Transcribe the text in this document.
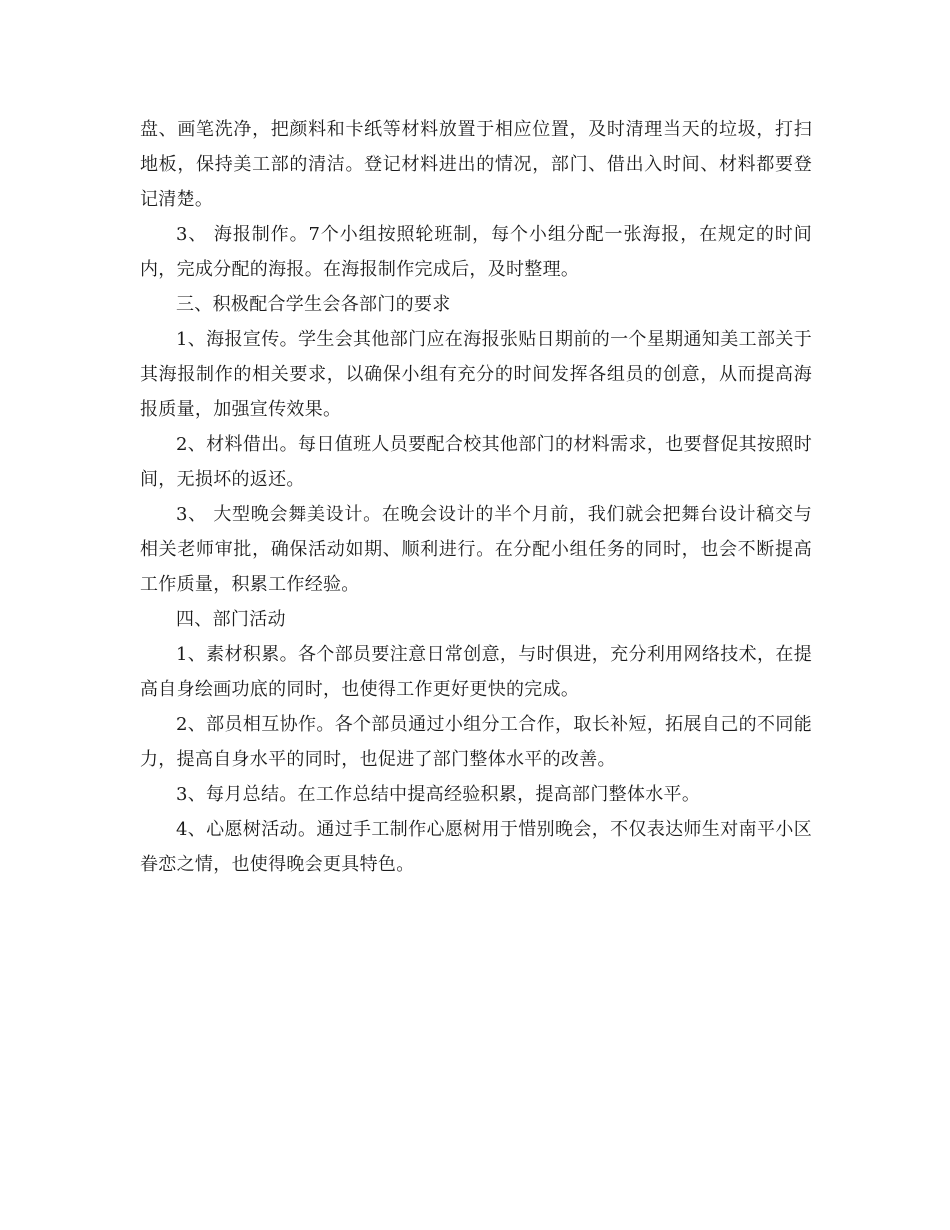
盘、画笔洗净，把颜料和卡纸等材料放置于相应位置，及时清理当天的垃圾，打扫地板，保持美工部的清洁。登记材料进出的情况，部门、借出入时间、材料都要登记清楚。

3、 海报制作。7个小组按照轮班制，每个小组分配一张海报，在规定的时间内，完成分配的海报。在海报制作完成后，及时整理。

三、积极配合学生会各部门的要求

1、海报宣传。学生会其他部门应在海报张贴日期前的一个星期通知美工部关于其海报制作的相关要求，以确保小组有充分的时间发挥各组员的创意，从而提高海报质量，加强宣传效果。

2、材料借出。每日值班人员要配合校其他部门的材料需求，也要督促其按照时间，无损坏的返还。

3、 大型晚会舞美设计。在晚会设计的半个月前，我们就会把舞台设计稿交与相关老师审批，确保活动如期、顺利进行。在分配小组任务的同时，也会不断提高工作质量，积累工作经验。

四、部门活动

1、素材积累。各个部员要注意日常创意，与时俱进，充分利用网络技术，在提高自身绘画功底的同时，也使得工作更好更快的完成。

2、部员相互协作。各个部员通过小组分工合作，取长补短，拓展自己的不同能力，提高自身水平的同时，也促进了部门整体水平的改善。

3、每月总结。在工作总结中提高经验积累，提高部门整体水平。

4、心愿树活动。通过手工制作心愿树用于惜别晚会，不仅表达师生对南平小区眷恋之情，也使得晚会更具特色。
